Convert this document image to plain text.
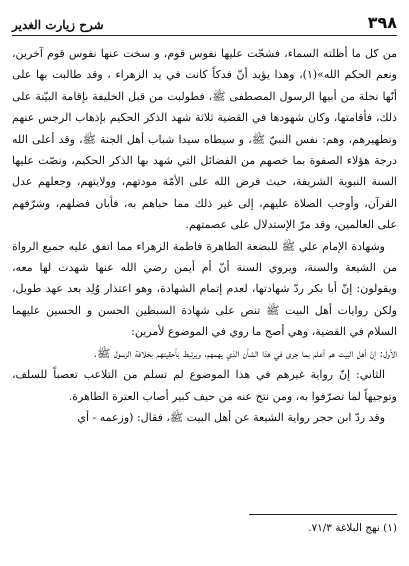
٣٩٨
شرح زيارت الغدير

من كل ما أظلته السماء، فشحّت عليها نفوس قوم، و سخت عنها نفوس قوم آخرين، ونعم الحكم الله»(١)، وهذا يؤيد أنّ فدكاً كانت في يد الزهراء ، وقد طالبت بها على أنّها نحلة من أبيها الرسول المصطفى ﷺ، فطولبت من قبل الخليفة بإقامة البيّنة على ذلك، فأقامتها، وكان شهودها في القضية ثلاثة شهد الذكر الحكيم بإذهاب الرجس عنهم وتطهيرهم، وهم: نفس النبيّ ﷺ، و سيطاه سيدا شباب أهل الجنة ﷺ، وقد أعلى الله درجة هؤلاء الصفوة بما خصهم من الفضائل التي شهد بها الذكر الحكيم، ونصّت عليها السنة النبوية الشريفة، حيث فرض الله على الأمّة مودتهم، وولايتهم، وجعلهم عدل القرآن، وأوجب الصلاة عليهم، إلى غير ذلك مما حباهم به، فأبان فضلهم، وشرّفهم على العالمين، وقد مرّ الإستدلال على عصمتهم.

وشهادة الإمام علي ﷺ للبضعة الطاهرة فاطمة الزهراء مما اتفق عليه جميع الرواة من الشيعة والسنة، ويروي السنة أنّ أم أيمن رضي الله عنها شهدت لها معه، ويقولون: إنّ أبا بكر ردّ شهادتها، لعدم إتمام الشهادة، وهو اعتذار وُلِد بعد عهد طويل، ولكن روايات أهل البيت ﷺ تنص على شهادة السبطين الحسن و الحسين عليهما السلام في القضية، وهي أصح ما روي في الموضوع لأمرين:

الأول: إنّ أهل البيت هم أعلم بما جرى في هذا الشأن الذي يهمهم، ويرتبط بأحقيتهم بخلافة الرسول ﷺ.

الثاني: إنّ رواية غيرهم في هذا الموضوع لم تسلم من التلاعب تعصباً للسلف، وتوجيهاً لما تصرّفوا به، ومن نتج عنه من حيف كبير أصاب العترة الطاهرة.

وقد ردّ ابن حجر رواية الشيعة عن أهل البيت ﷺ، فقال: (وزعمه - أي

(١) نهج البلاغة ٧١/٣.
